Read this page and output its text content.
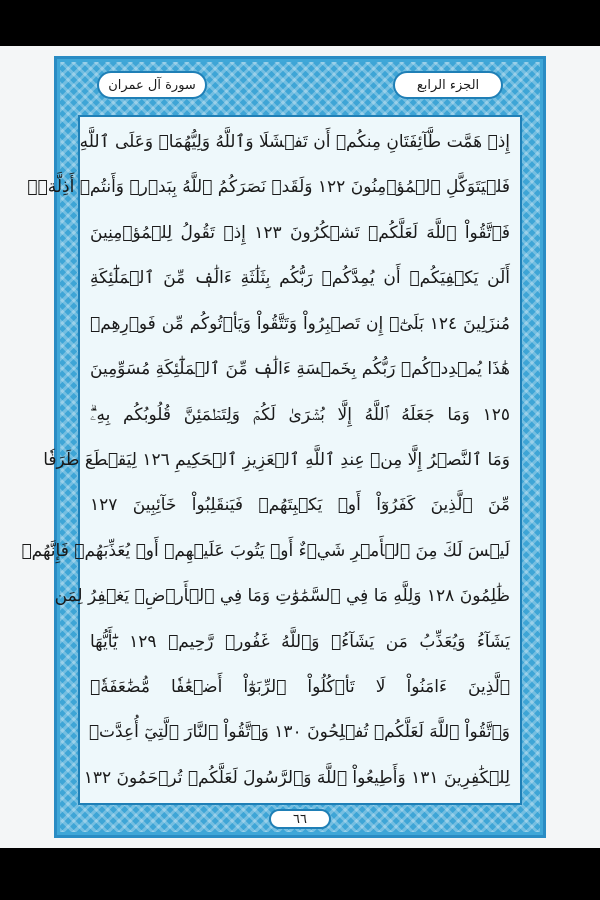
الجزء الرابع
سورة آل عمران
إِذۡ هَمَّت طَّآئِفَتَانِ مِنكُمۡ أَن تَفۡشَلَا وَٱللَّهُ وَلِيُّهُمَاۗ وَعَلَى ٱللَّهِ
فَلۡيَتَوَكَّلِ ٱلۡمُؤۡمِنُونَ ١٢٢ وَلَقَدۡ نَصَرَكُمُ ٱللَّهُ بِبَدۡرٖ وَأَنتُمۡ أَذِلَّةٞۖ
فَٱتَّقُواْ ٱللَّهَ لَعَلَّكُمۡ تَشۡكُرُونَ ١٢٣ إِذۡ تَقُولُ لِلۡمُؤۡمِنِينَ
أَلَن يَكۡفِيَكُمۡ أَن يُمِدَّكُمۡ رَبُّكُم بِثَلَٰثَةِ ءَالَٰفٖ مِّنَ ٱلۡمَلَٰٓئِكَةِ
مُنزَلِينَ ١٢٤ بَلَىٰٓۚ إِن تَصۡبِرُواْ وَتَتَّقُواْ وَيَأۡتُوكُم مِّن فَوۡرِهِمۡ
هَٰذَا يُمۡدِدۡكُمۡ رَبُّكُم بِخَمۡسَةِ ءَالَٰفٖ مِّنَ ٱلۡمَلَٰٓئِكَةِ مُسَوِّمِينَ
١٢٥ وَمَا جَعَلَهُ ٱللَّهُ إِلَّا بُشۡرَىٰ لَكُمۡ وَلِتَطۡمَئِنَّ قُلُوبُكُم بِهِۦۗ
وَمَا ٱلنَّصۡرُ إِلَّا مِنۡ عِندِ ٱللَّهِ ٱلۡعَزِيزِ ٱلۡحَكِيمِ ١٢٦ لِيَقۡطَعَ طَرَفٗا
مِّنَ ٱلَّذِينَ كَفَرُوٓاْ أَوۡ يَكۡبِتَهُمۡ فَيَنقَلِبُواْ خَآئِبِينَ ١٢٧
لَيۡسَ لَكَ مِنَ ٱلۡأَمۡرِ شَيۡءٌ أَوۡ يَتُوبَ عَلَيۡهِمۡ أَوۡ يُعَذِّبَهُمۡ فَإِنَّهُمۡ
ظَٰلِمُونَ ١٢٨ وَلِلَّهِ مَا فِي ٱلسَّمَٰوَٰتِ وَمَا فِي ٱلۡأَرۡضِۚ يَغۡفِرُ لِمَن
يَشَآءُ وَيُعَذِّبُ مَن يَشَآءُۚ وَٱللَّهُ غَفُورٞ رَّحِيمٞ ١٢٩ يَٰٓأَيُّهَا
ٱلَّذِينَ ءَامَنُواْ لَا تَأۡكُلُواْ ٱلرِّبَوٰٓاْ أَضۡعَٰفٗا مُّضَٰعَفَةٗۖ
وَٱتَّقُواْ ٱللَّهَ لَعَلَّكُمۡ تُفۡلِحُونَ ١٣٠ وَٱتَّقُواْ ٱلنَّارَ ٱلَّتِيٓ أُعِدَّتۡ
لِلۡكَٰفِرِينَ ١٣١ وَأَطِيعُواْ ٱللَّهَ وَٱلرَّسُولَ لَعَلَّكُمۡ تُرۡحَمُونَ ١٣٢
٦٦
